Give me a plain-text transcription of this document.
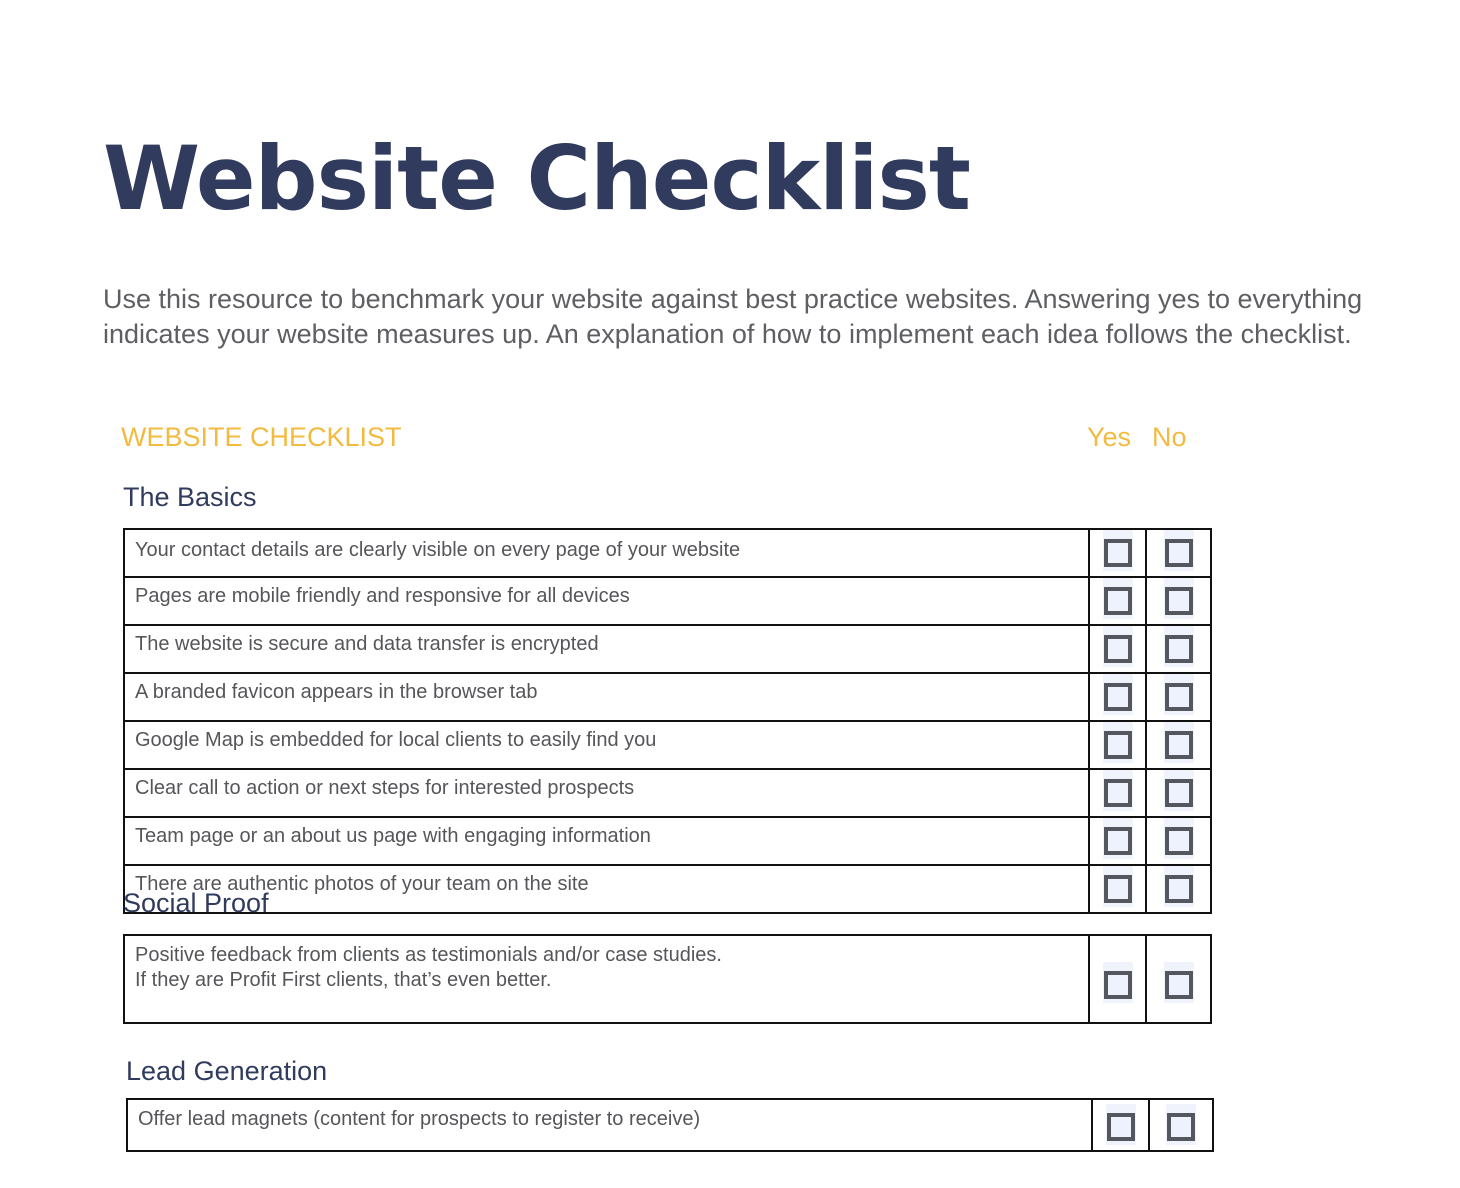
Website Checklist

Use this resource to benchmark your website against best practice websites. Answering yes to everything indicates your website measures up. An explanation of how to implement each idea follows the checklist.

WEBSITE CHECKLIST	Yes No
The Basics
Your contact details are clearly visible on every page of your website	

Pages are mobile friendly and responsive for all devices	

The website is secure and data transfer is encrypted	

A branded favicon appears in the browser tab	

Google Map is embedded for local clients to easily find you	

Clear call to action or next steps for interested prospects	

Team page or an about us page with engaging information	

There are authentic photos of your team on the site	

Social Proof
Positive feedback from clients as testimonials and/or case studies.
If they are Profit First clients, that’s even better.

Lead Generation
Offer lead magnets (content for prospects to register to receive)	
